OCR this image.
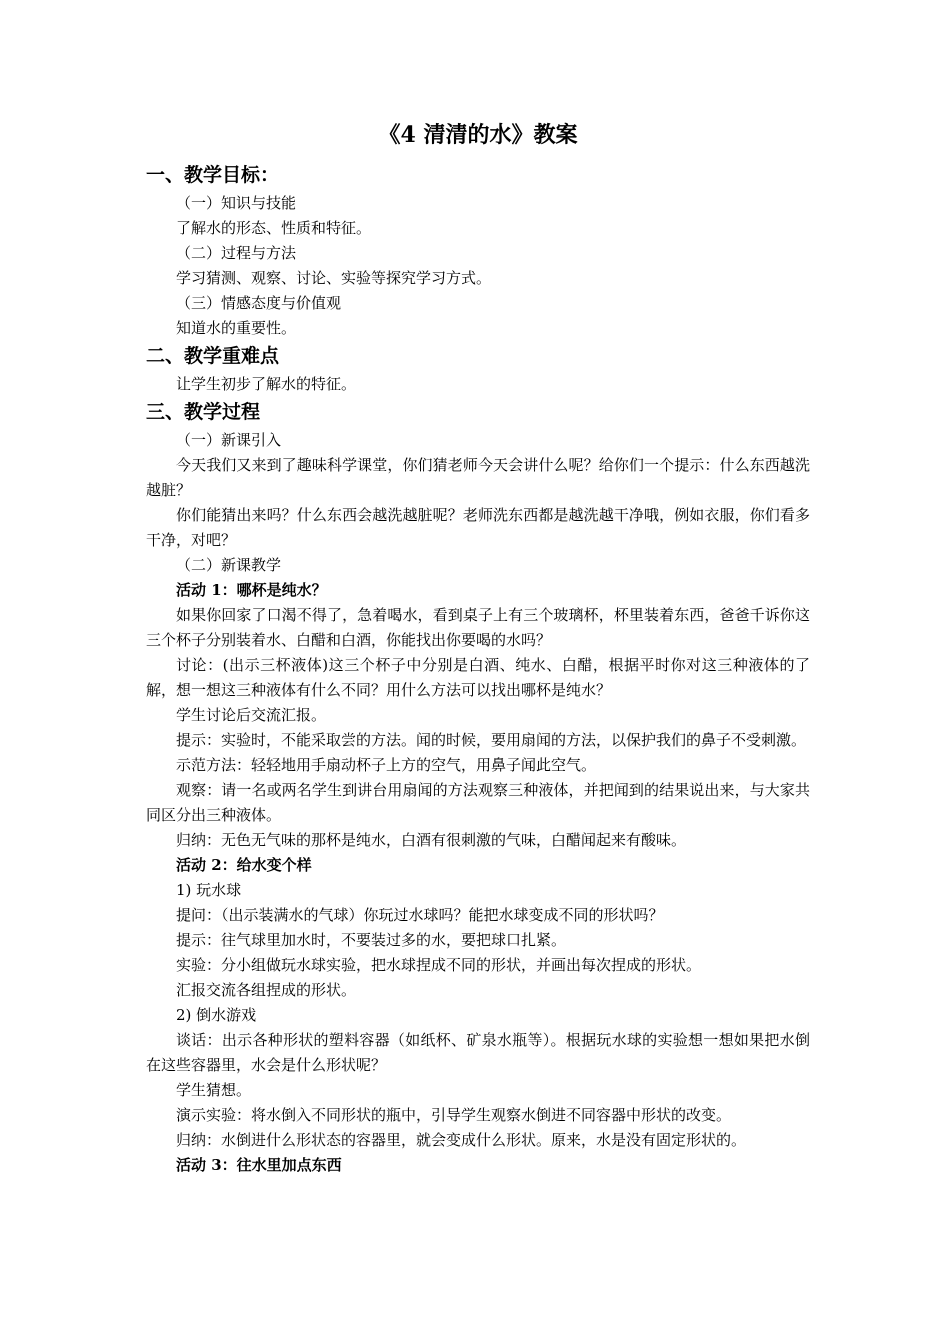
《4 清清的水》教案
一、教学目标：
（一）知识与技能
了解水的形态、性质和特征。
（二）过程与方法
学习猜测、观察、讨论、实验等探究学习方式。
（三）情感态度与价值观
知道水的重要性。
二、教学重难点
让学生初步了解水的特征。
三、教学过程
（一）新课引入
今天我们又来到了趣味科学课堂，你们猜老师今天会讲什么呢？给你们一个提示：什么东西越洗越脏？
你们能猜出来吗？什么东西会越洗越脏呢？老师洗东西都是越洗越干净哦，例如衣服，你们看多干净，对吧？
（二）新课教学
活动 1：哪杯是纯水？
如果你回家了口渴不得了，急着喝水，看到桌子上有三个玻璃杯，杯里装着东西，爸爸千诉你这三个杯子分别装着水、白醋和白酒，你能找出你要喝的水吗？
讨论：(出示三杯液体)这三个杯子中分别是白酒、纯水、白醋，根据平时你对这三种液体的了解，想一想这三种液体有什么不同？用什么方法可以找出哪杯是纯水？
学生讨论后交流汇报。
提示：实验时，不能采取尝的方法。闻的时候，要用扇闻的方法，以保护我们的鼻子不受刺激。
示范方法：轻轻地用手扇动杯子上方的空气，用鼻子闻此空气。
观察：请一名或两名学生到讲台用扇闻的方法观察三种液体，并把闻到的结果说出来，与大家共同区分出三种液体。
归纳：无色无气味的那杯是纯水，白酒有很刺激的气味，白醋闻起来有酸味。
活动 2：给水变个样
1) 玩水球
提问：（出示装满水的气球）你玩过水球吗？能把水球变成不同的形状吗？
提示：往气球里加水时，不要装过多的水，要把球口扎紧。
实验：分小组做玩水球实验，把水球捏成不同的形状，并画出每次捏成的形状。
汇报交流各组捏成的形状。
2) 倒水游戏
谈话：出示各种形状的塑料容器（如纸杯、矿泉水瓶等）。根据玩水球的实验想一想如果把水倒在这些容器里，水会是什么形状呢？
学生猜想。
演示实验：将水倒入不同形状的瓶中，引导学生观察水倒进不同容器中形状的改变。
归纳：水倒进什么形状态的容器里，就会变成什么形状。原来，水是没有固定形状的。
活动 3：往水里加点东西
